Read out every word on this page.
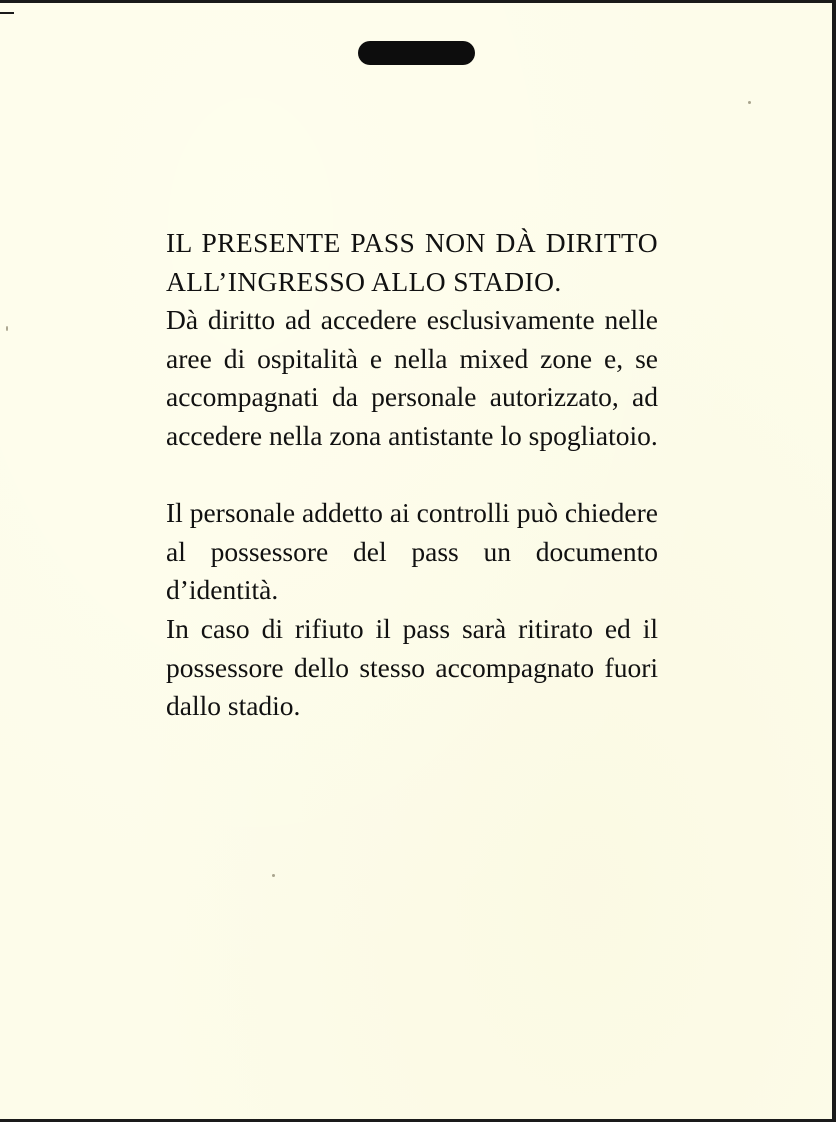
IL PRESENTE PASS NON DÀ DIRITTO ALL’INGRESSO ALLO STADIO.

Dà diritto ad accedere esclusivamente nelle aree di ospitalità e nella mixed zone e, se accompagnati da personale autorizzato, ad accedere nella zona antistante lo spogliatoio.

Il personale addetto ai controlli può chiedere al possessore del pass un documento d’identità.

In caso di rifiuto il pass sarà ritirato ed il possessore dello stesso accompagnato fuori dallo stadio.
